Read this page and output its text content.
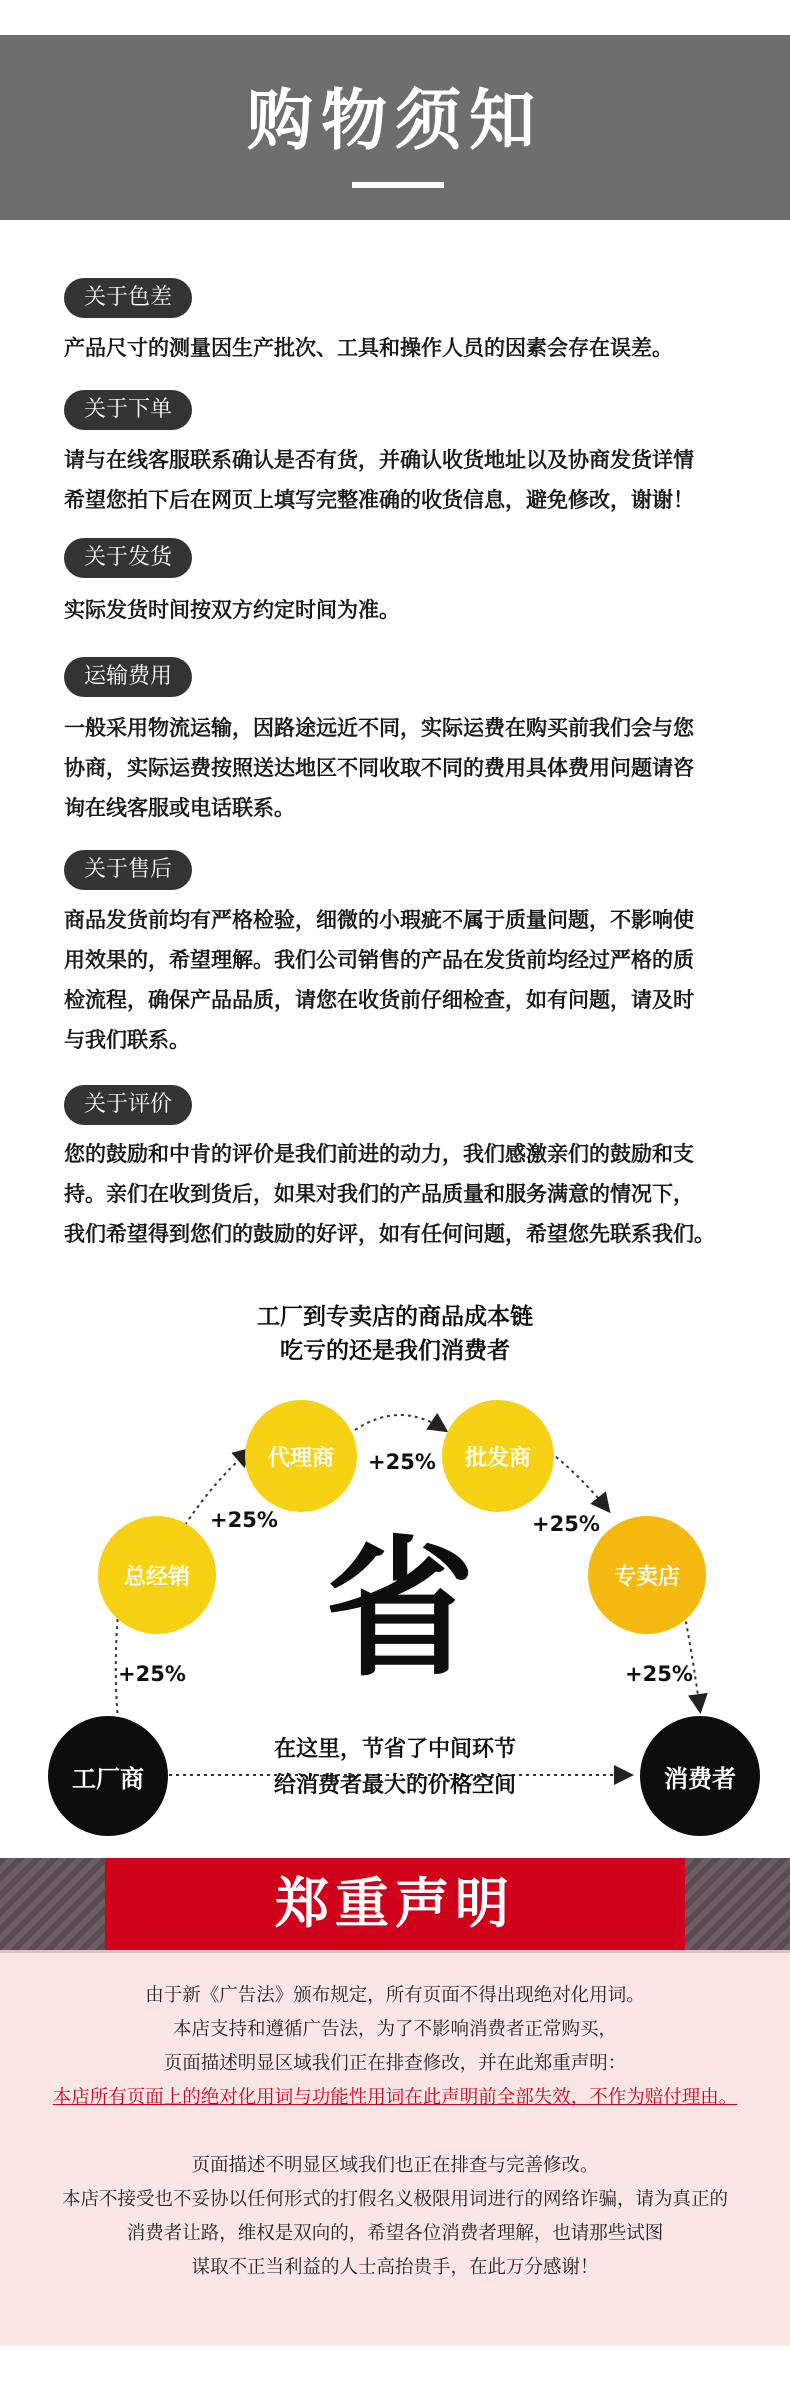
购物须知
关于色差

产品尺寸的测量因生产批次、工具和操作人员的因素会存在误差。

关于下单

请与在线客服联系确认是否有货，并确认收货地址以及协商发货详情

希望您拍下后在网页上填写完整准确的收货信息，避免修改，谢谢！

关于发货

实际发货时间按双方约定时间为准。

运输费用

一般采用物流运输，因路途远近不同，实际运费在购买前我们会与您

协商，实际运费按照送达地区不同收取不同的费用具体费用问题请咨

询在线客服或电话联系。

关于售后

商品发货前均有严格检验，细微的小瑕疵不属于质量问题，不影响使

用效果的，希望理解。我们公司销售的产品在发货前均经过严格的质

检流程，确保产品品质，请您在收货前仔细检查，如有问题，请及时

与我们联系。

关于评价

您的鼓励和中肯的评价是我们前进的动力，我们感激亲们的鼓励和支

持。亲们在收到货后，如果对我们的产品质量和服务满意的情况下，

我们希望得到您们的鼓励的好评，如有任何问题，希望您先联系我们。

工厂到专卖店的商品成本链
吃亏的还是我们消费者
代理商	批发商
总经销	专卖店
工厂商	消费者
+25%
+25%	+25%
+25%	+25%
省
在这里，节省了中间环节
给消费者最大的价格空间
郑重声明
由于新《广告法》颁布规定，所有页面不得出现绝对化用词。
本店支持和遵循广告法，为了不影响消费者正常购买，
页面描述明显区域我们正在排查修改，并在此郑重声明：
本店所有页面上的绝对化用词与功能性用词在此声明前全部失效，不作为赔付理由。
页面描述不明显区域我们也正在排查与完善修改。
本店不接受也不妥协以任何形式的打假名义极限用词进行的网络诈骗，请为真正的
消费者让路，维权是双向的，希望各位消费者理解，也请那些试图
谋取不正当利益的人士高抬贵手，在此万分感谢！
